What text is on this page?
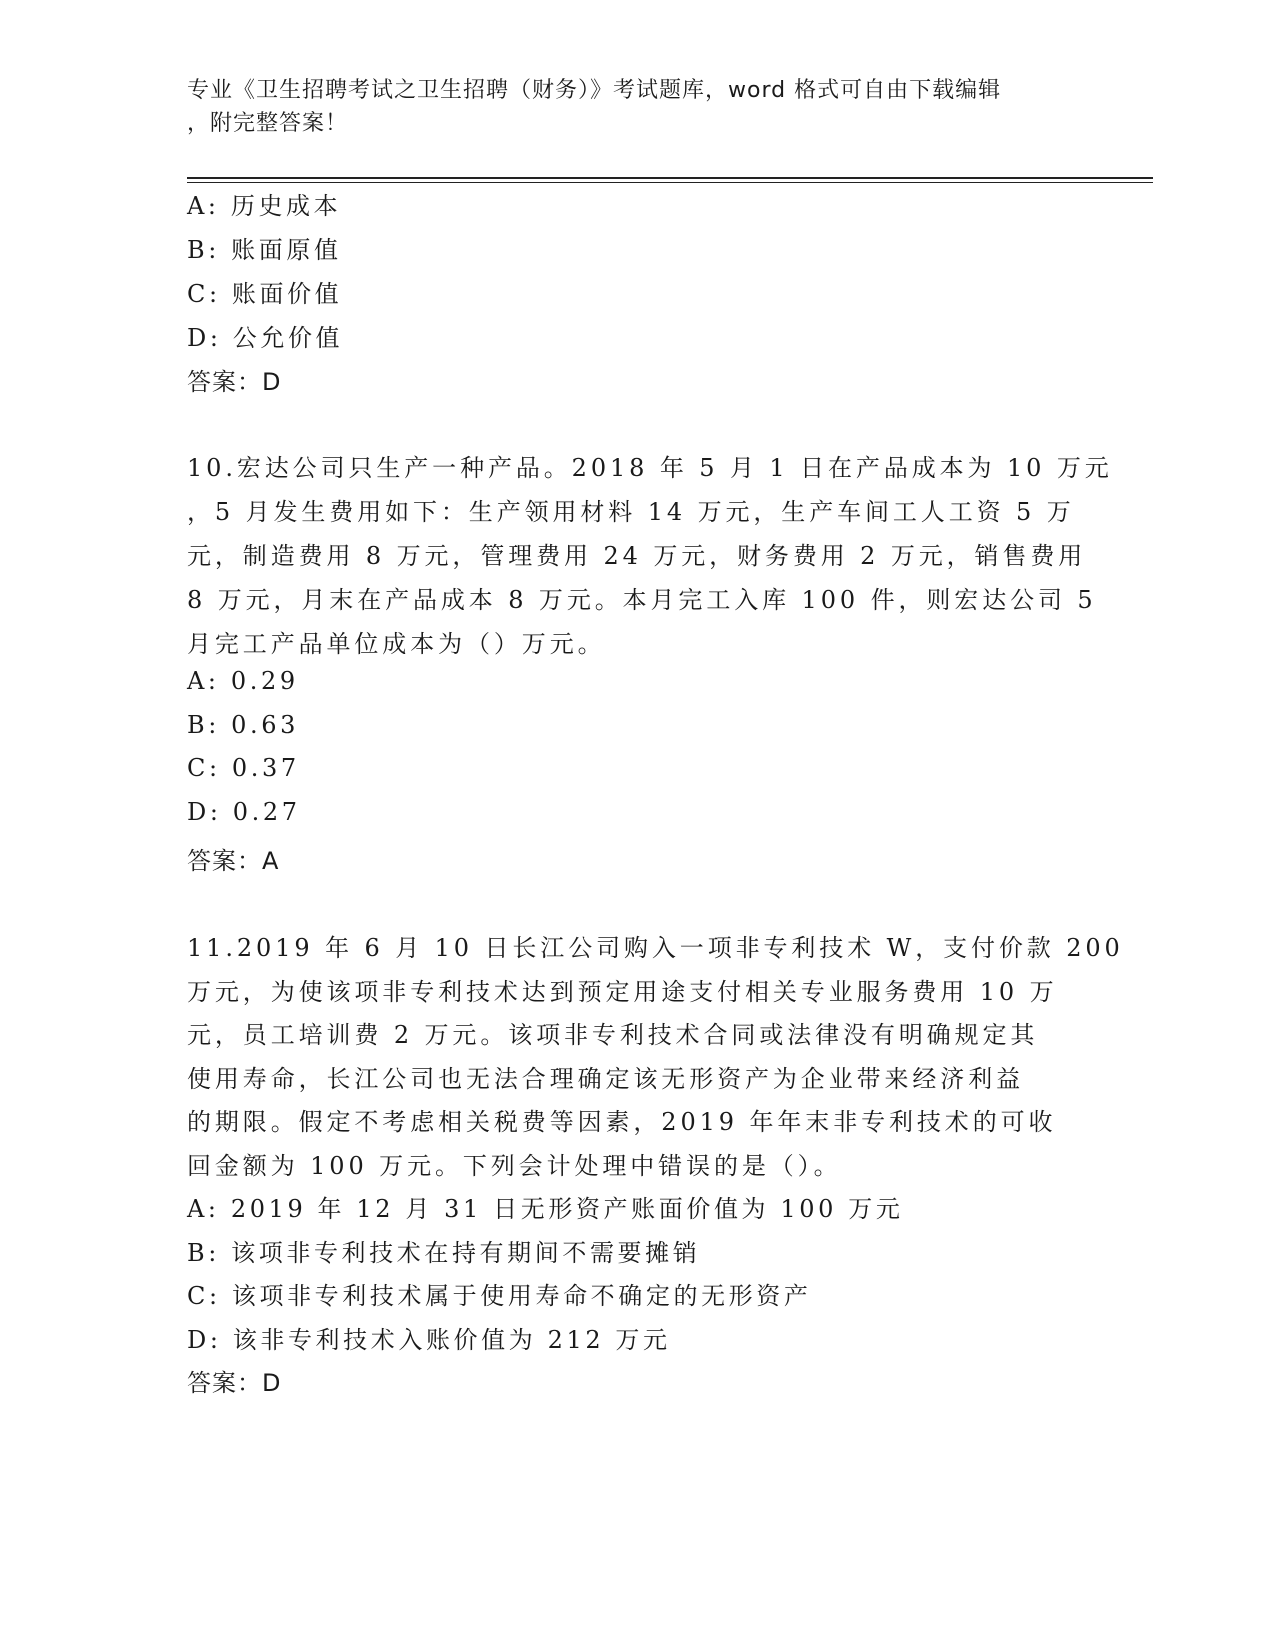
专业《卫生招聘考试之卫生招聘（财务）》考试题库，word 格式可自由下载编辑
，附完整答案！
A: 历史成本
B: 账面原值
C: 账面价值
D: 公允价值
答案：D
10.宏达公司只生产一种产品。2018 年 5 月 1 日在产品成本为 10 万元
，5 月发生费用如下：生产领用材料 14 万元，生产车间工人工资 5 万
元，制造费用 8 万元，管理费用 24 万元，财务费用 2 万元，销售费用
8 万元，月末在产品成本 8 万元。本月完工入库 100 件，则宏达公司 5
月完工产品单位成本为（）万元。
A: 0.29
B: 0.63
C: 0.37
D: 0.27
答案：A
11.2019 年 6 月 10 日长江公司购入一项非专利技术 W，支付价款 200
万元，为使该项非专利技术达到预定用途支付相关专业服务费用 10 万
元，员工培训费 2 万元。该项非专利技术合同或法律没有明确规定其
使用寿命，长江公司也无法合理确定该无形资产为企业带来经济利益
的期限。假定不考虑相关税费等因素，2019 年年末非专利技术的可收
回金额为 100 万元。下列会计处理中错误的是（）。
A: 2019 年 12 月 31 日无形资产账面价值为 100 万元
B: 该项非专利技术在持有期间不需要摊销
C: 该项非专利技术属于使用寿命不确定的无形资产
D: 该非专利技术入账价值为 212 万元
答案：D
